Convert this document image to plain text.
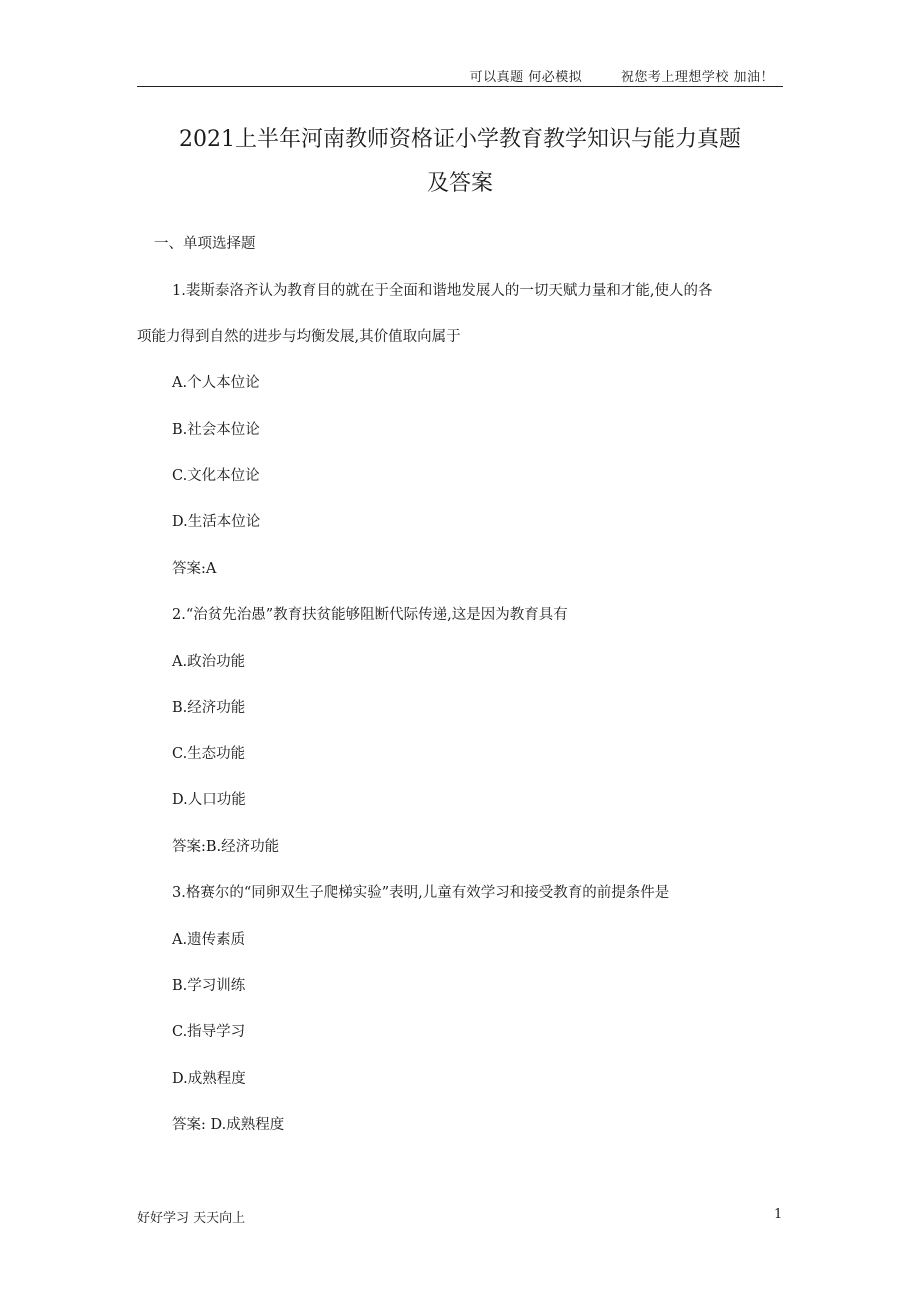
可以真题 何必模拟	祝您考上理想学校 加油！
2021上半年河南教师资格证小学教育教学知识与能力真题
及答案
一、单项选择题
1.裴斯泰洛齐认为教育目的就在于全面和谐地发展人的一切天赋力量和才能,使人的各
项能力得到自然的进步与均衡发展,其价值取向属于
A.个人本位论
B.社会本位论
C.文化本位论
D.生活本位论
答案:A
2.“治贫先治愚”教育扶贫能够阻断代际传递,这是因为教育具有
A.政治功能
B.经济功能
C.生态功能
D.人口功能
答案:B.经济功能
3.格赛尔的“同卵双生子爬梯实验”表明,儿童有效学习和接受教育的前提条件是
A.遗传素质
B.学习训练
C.指导学习
D.成熟程度
答案: D.成熟程度
好好学习 天天向上	1
